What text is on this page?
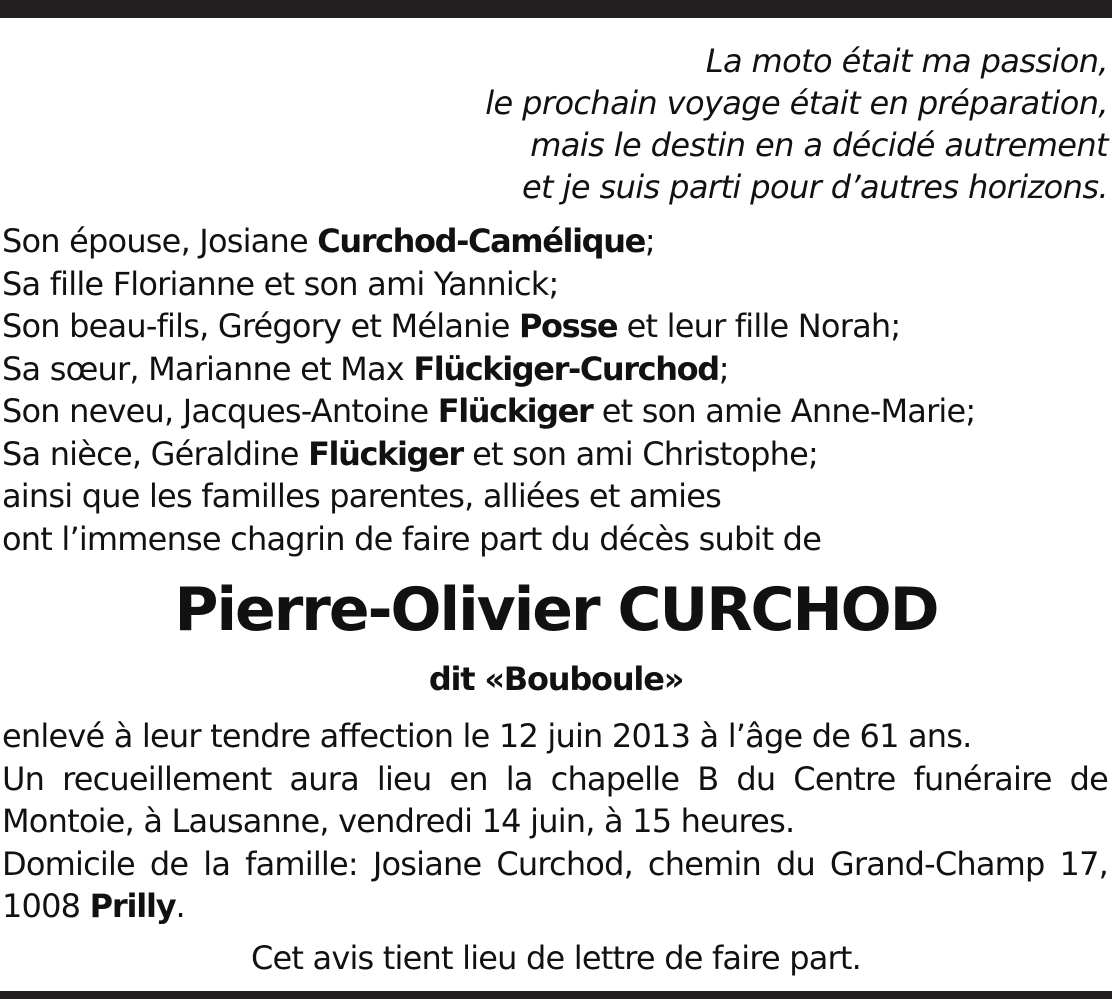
La moto était ma passion,
le prochain voyage était en préparation,
mais le destin en a décidé autrement
et je suis parti pour d’autres horizons.
Son épouse, Josiane Curchod-Camélique;
Sa fille Florianne et son ami Yannick;
Son beau-fils, Grégory et Mélanie Posse et leur fille Norah;
Sa sœur, Marianne et Max Flückiger-Curchod;
Son neveu, Jacques-Antoine Flückiger et son amie Anne-Marie;
Sa nièce, Géraldine Flückiger et son ami Christophe;
ainsi que les familles parentes, alliées et amies
ont l’immense chagrin de faire part du décès subit de
Pierre-Olivier CURCHOD
dit «Bouboule»
enlevé à leur tendre affection le 12 juin 2013 à l’âge de 61 ans.
Un recueillement aura lieu en la chapelle B du Centre funéraire de
Montoie, à Lausanne, vendredi 14 juin, à 15 heures.
Domicile de la famille: Josiane Curchod, chemin du Grand-Champ 17,
1008 Prilly.
Cet avis tient lieu de lettre de faire part.
